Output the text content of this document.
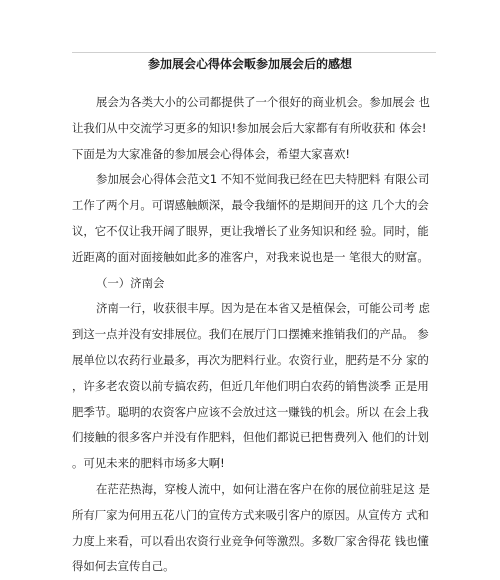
参加展会心得体会畈参加展会后的感想
展会为各类大小的公司都提供了一个很好的商业机会。参加展会 也
让我们从中交流学习更多的知识!参加展会后大家都有有所收获和 体会!
下面是为大家准备的参加展会心得体会，希望大家喜欢!
参加展会心得体会范文1 不知不觉间我已经在巴夫特肥料 有限公司
工作了两个月。可谓感触颇深，最令我缅怀的是期间开的这 几个大的会
议，它不仅让我开阔了眼界，更让我增长了业务知识和经 验。同时，能
近距离的面对面接触如此多的准客户，对我来说也是一 笔很大的财富。
（一）济南会
济南一行，收获很丰厚。因为是在本省又是植保会，可能公司考 虑
到这一点并没有安排展位。我们在展厅门口摆摊来推销我们的产品。 参
展单位以农药行业最多，再次为肥料行业。农资行业，肥药是不分 家的
，许多老农资以前专搞农药，但近几年他们明白农药的销售淡季 正是用
肥季节。聪明的农资客户应该不会放过这一赚钱的机会。所以 在会上我
们接触的很多客户并没有作肥料，但他们都说已把售费列入 他们的计划
。可见未来的肥料市场多大啊!
在茫茫热海，穿梭人流中，如何让潜在客户在你的展位前驻足这 是
所有厂家为何用五花八门的宣传方式来吸引客户的原因。从宣传方 式和
力度上来看，可以看出农资行业竞争何等激烈。多数厂家舍得花 钱也懂
得如何去宣传自己。
